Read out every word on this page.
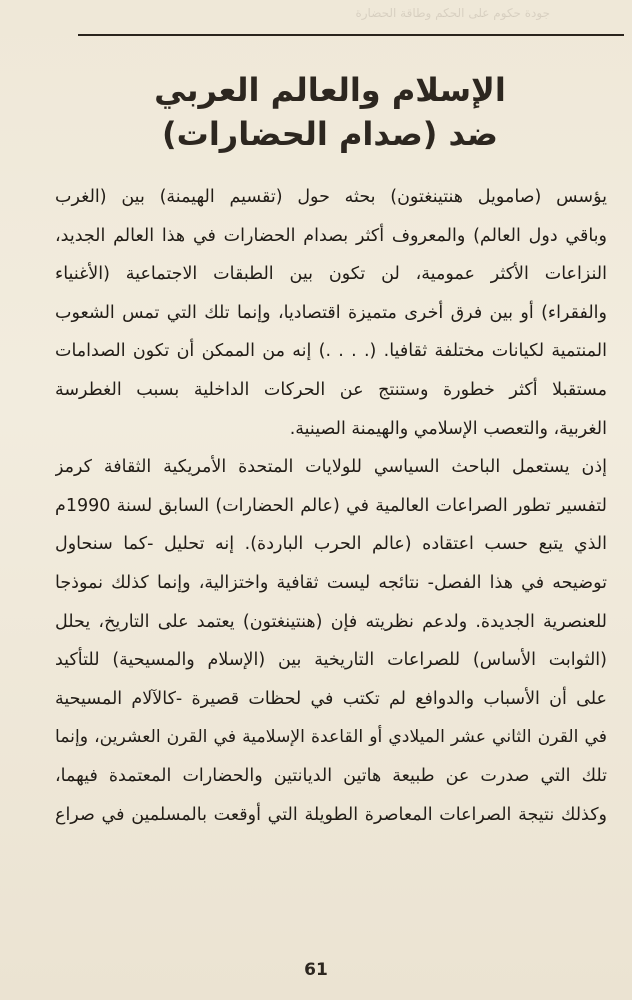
جودة حكوم على الحكم وطاقة الحضارة
الإسلام والعالم العربي
ضد (صدام الحضارات)
يؤسس (صامويل هنتينغتون) بحثه حول (تقسيم الهيمنة) بين (الغرب
وباقي دول العالم) والمعروف أكثر بصدام الحضارات في هذا العالم الجديد،
النزاعات الأكثر عمومية، لن تكون بين الطبقات الاجتماعية (الأغنياء
والفقراء) أو بين فرق أخرى متميزة اقتصاديا، وإنما تلك التي تمس الشعوب
المنتمية لكيانات مختلفة ثقافيا. (. . . .) إنه من الممكن أن تكون الصدامات
مستقبلا أكثر خطورة وستنتج عن الحركات الداخلية بسبب الغطرسة
الغربية، والتعصب الإسلامي والهيمنة الصينية.
إذن يستعمل الباحث السياسي للولايات المتحدة الأمريكية الثقافة كرمز
لتفسير تطور الصراعات العالمية في (عالم الحضارات) السابق لسنة 1990م
الذي يتبع حسب اعتقاده (عالم الحرب الباردة). إنه تحليل -كما سنحاول
توضيحه في هذا الفصل- نتائجه ليست ثقافية واختزالية، وإنما كذلك نموذجا
للعنصرية الجديدة. ولدعم نظريته فإن (هنتينغتون) يعتمد على التاريخ، يحلل
(الثوابت الأساس) للصراعات التاريخية بين (الإسلام والمسيحية) للتأكيد
على أن الأسباب والدوافع لم تكتب في لحظات قصيرة -كالآلام المسيحية
في القرن الثاني عشر الميلادي أو القاعدة الإسلامية في القرن العشرين، وإنما
تلك التي صدرت عن طبيعة هاتين الديانتين والحضارات المعتمدة فيهما،
وكذلك نتيجة الصراعات المعاصرة الطويلة التي أوقعت بالمسلمين في صراع
61
